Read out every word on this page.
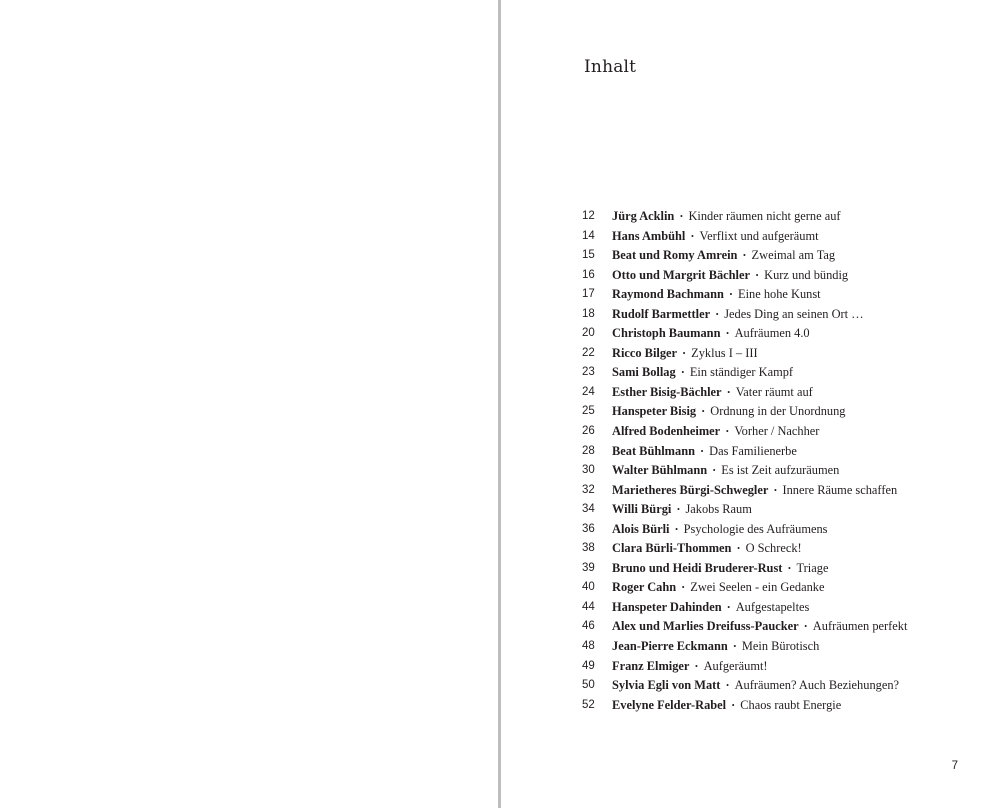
Inhalt
12	Jürg Acklin · Kinder räumen nicht gerne auf
14	Hans Ambühl · Verflixt und aufgeräumt
15	Beat und Romy Amrein · Zweimal am Tag
16	Otto und Margrit Bächler · Kurz und bündig
17	Raymond Bachmann · Eine hohe Kunst
18	Rudolf Barmettler · Jedes Ding an seinen Ort …
20	Christoph Baumann · Aufräumen 4.0
22	Ricco Bilger · Zyklus I – III
23	Sami Bollag · Ein ständiger Kampf
24	Esther Bisig-Bächler · Vater räumt auf
25	Hanspeter Bisig · Ordnung in der Unordnung
26	Alfred Bodenheimer · Vorher / Nachher
28	Beat Bühlmann · Das Familienerbe
30	Walter Bühlmann · Es ist Zeit aufzuräumen
32	Marietheres Bürgi-Schwegler · Innere Räume schaffen
34	Willi Bürgi · Jakobs Raum
36	Alois Bürli · Psychologie des Aufräumens
38	Clara Bürli-Thommen · O Schreck!
39	Bruno und Heidi Bruderer-Rust · Triage
40	Roger Cahn · Zwei Seelen - ein Gedanke
44	Hanspeter Dahinden · Aufgestapeltes
46	Alex und Marlies Dreifuss-Paucker · Aufräumen perfekt
48	Jean-Pierre Eckmann · Mein Bürotisch
49	Franz Elmiger · Aufgeräumt!
50	Sylvia Egli von Matt · Aufräumen? Auch Beziehungen?
52	Evelyne Felder-Rabel · Chaos raubt Energie
7
